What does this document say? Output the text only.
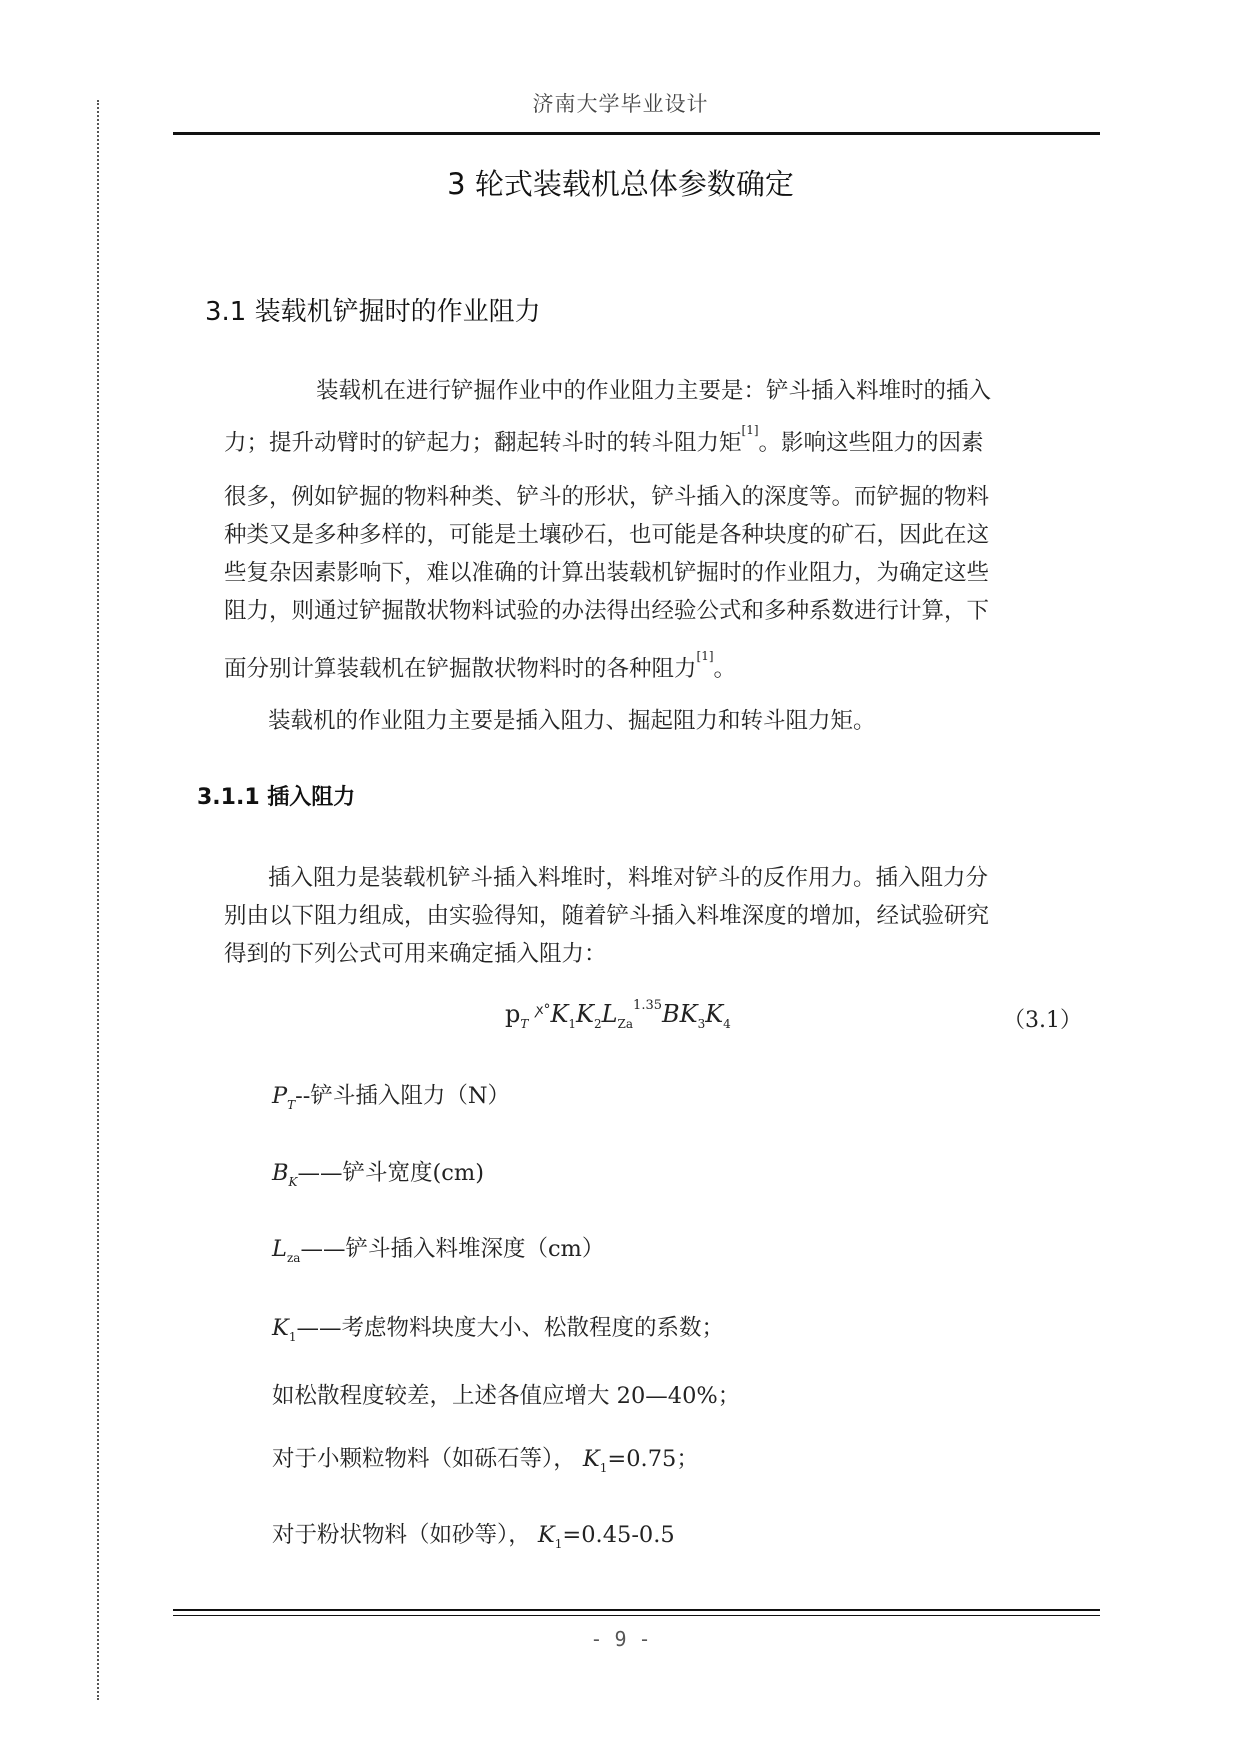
济南大学毕业设计
3 轮式装载机总体参数确定
3.1 装载机铲掘时的作业阻力
装载机在进行铲掘作业中的作业阻力主要是：铲斗插入料堆时的插入
力；提升动臂时的铲起力；翻起转斗时的转斗阻力矩[1]。影响这些阻力的因素
很多，例如铲掘的物料种类、铲斗的形状，铲斗插入的深度等。而铲掘的物料
种类又是多种多样的，可能是土壤砂石，也可能是各种块度的矿石，因此在这
些复杂因素影响下，难以准确的计算出装载机铲掘时的作业阻力，为确定这些
阻力，则通过铲掘散状物料试验的办法得出经验公式和多种系数进行计算，下
面分别计算装载机在铲掘散状物料时的各种阻力[1]。
装载机的作业阻力主要是插入阻力、掘起阻力和转斗阻力矩。
3.1.1 插入阻力
插入阻力是装载机铲斗插入料堆时，料堆对铲斗的反作用力。插入阻力分
别由以下阻力组成，由实验得知，随着铲斗插入料堆深度的增加，经试验研究
得到的下列公式可用来确定插入阻力：
$p_T$ $^{ꭗ^\circ}K_1K_2L_{Za}^{1.35}BK_3K_4$	（3.1）
$P_T--$铲斗插入阻力（N）
$B_K——$铲斗宽度(cm)
$L_{za}——$铲斗插入料堆深度（cm）
$K_1——$考虑物料块度大小、松散程度的系数；
如松散程度较差，上述各值应增大 20—40%；
对于小颗粒物料（如砾石等）， $K_1=0.75$；
对于粉状物料（如砂等）， $K_1=0.45-0.5$
- 9 -
